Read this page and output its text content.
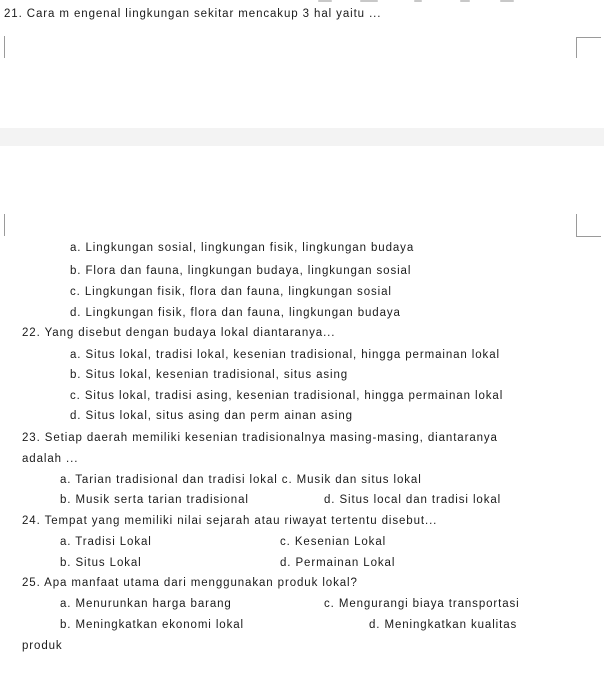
21. Cara m engenal lingkungan sekitar mencakup 3 hal yaitu ...
a. Lingkungan sosial, lingkungan fisik, lingkungan budaya
b. Flora dan fauna, lingkungan budaya, lingkungan sosial
c. Lingkungan fisik, flora dan fauna, lingkungan sosial
d. Lingkungan fisik, flora dan fauna, lingkungan budaya
22. Yang disebut dengan budaya lokal diantaranya...
a. Situs lokal, tradisi lokal, kesenian tradisional, hingga permainan lokal
b. Situs lokal, kesenian tradisional, situs asing
c. Situs lokal, tradisi asing, kesenian tradisional, hingga permainan lokal
d. Situs lokal, situs asing dan perm ainan asing
23. Setiap daerah memiliki kesenian tradisionalnya masing-masing, diantaranya
adalah ...
a. Tarian tradisional dan tradisi lokal c. Musik dan situs lokal
b. Musik serta tarian tradisional	d. Situs local dan tradisi lokal
24. Tempat yang memiliki nilai sejarah atau riwayat tertentu disebut...
a. Tradisi Lokal	c. Kesenian Lokal
b. Situs Lokal	d. Permainan Lokal
25. Apa manfaat utama dari menggunakan produk lokal?
a. Menurunkan harga barang	c. Mengurangi biaya transportasi
b. Meningkatkan ekonomi lokal	d. Meningkatkan kualitas
produk
